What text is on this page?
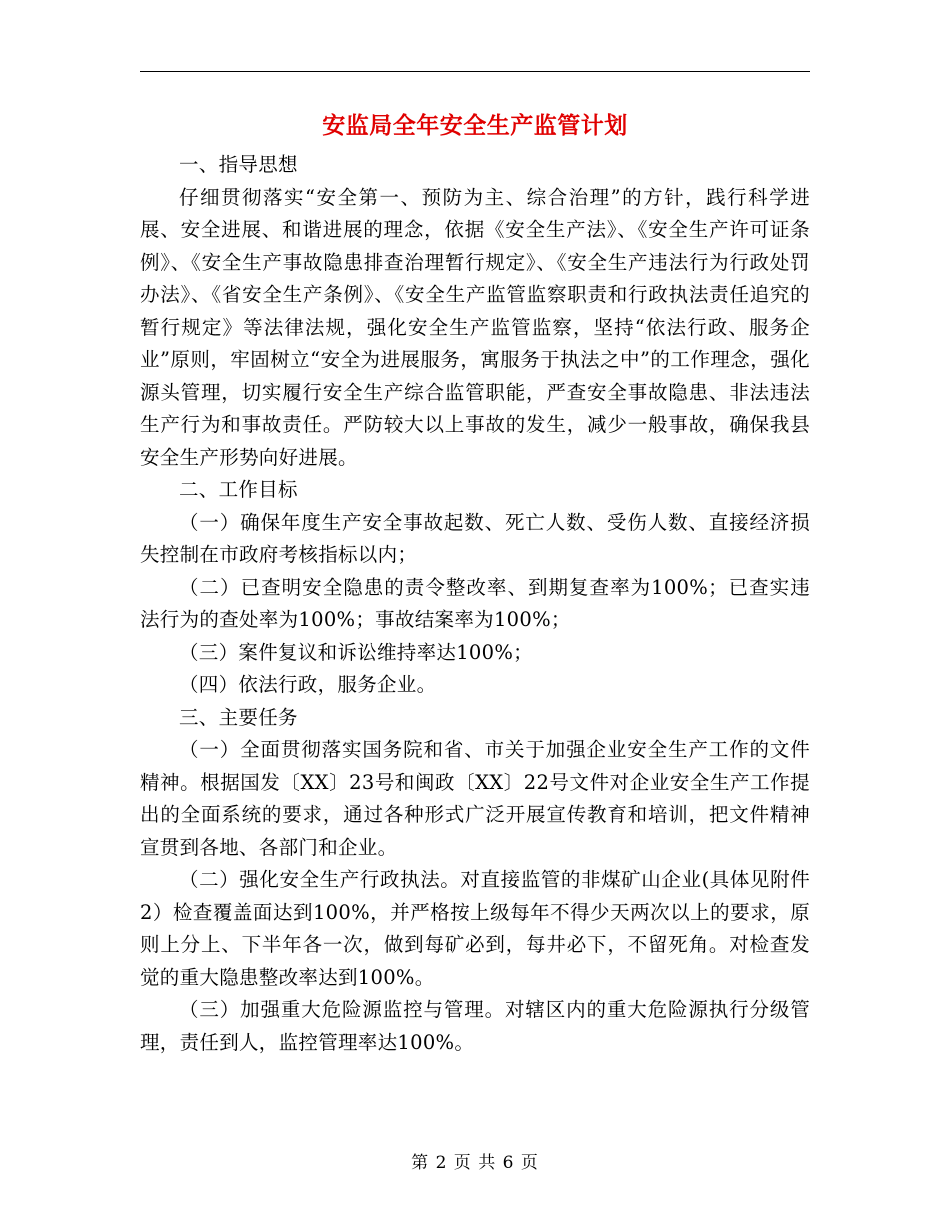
安监局全年安全生产监管计划

一、指导思想

仔细贯彻落实“安全第一、预防为主、综合治理”的方针，践行科学进展、安全进展、和谐进展的理念，依据《安全生产法》、《安全生产许可证条例》、《安全生产事故隐患排查治理暂行规定》、《安全生产违法行为行政处罚办法》、《省安全生产条例》、《安全生产监管监察职责和行政执法责任追究的暂行规定》等法律法规，强化安全生产监管监察，坚持“依法行政、服务企业”原则，牢固树立“安全为进展服务，寓服务于执法之中”的工作理念，强化源头管理，切实履行安全生产综合监管职能，严查安全事故隐患、非法违法生产行为和事故责任。严防较大以上事故的发生，减少一般事故，确保我县安全生产形势向好进展。

二、工作目标

（一）确保年度生产安全事故起数、死亡人数、受伤人数、直接经济损失控制在市政府考核指标以内；

（二）已查明安全隐患的责令整改率、到期复查率为100%；已查实违法行为的查处率为100%；事故结案率为100%；

（三）案件复议和诉讼维持率达100%；

（四）依法行政，服务企业。

三、主要任务

（一）全面贯彻落实国务院和省、市关于加强企业安全生产工作的文件精神。根据国发〔XX〕23号和闽政〔XX〕22号文件对企业安全生产工作提出的全面系统的要求，通过各种形式广泛开展宣传教育和培训，把文件精神宣贯到各地、各部门和企业。

（二）强化安全生产行政执法。对直接监管的非煤矿山企业(具体见附件2）检查覆盖面达到100%，并严格按上级每年不得少天两次以上的要求，原则上分上、下半年各一次，做到每矿必到，每井必下，不留死角。对检查发觉的重大隐患整改率达到100%。

（三）加强重大危险源监控与管理。对辖区内的重大危险源执行分级管理，责任到人，监控管理率达100%。

第 2 页 共 6 页
